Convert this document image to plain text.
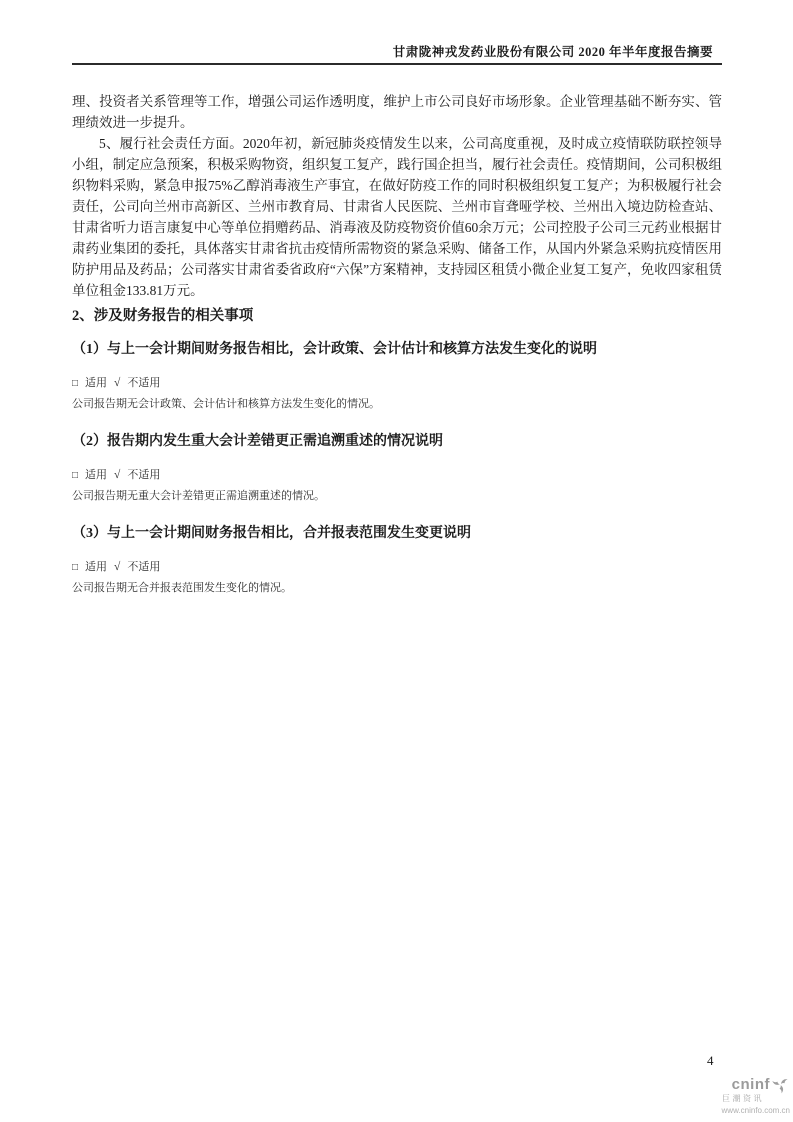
甘肃陇神戎发药业股份有限公司 2020 年半年度报告摘要

理、投资者关系管理等工作，增强公司运作透明度，维护上市公司良好市场形象。企业管理基础不断夯实、管理绩效进一步提升。

5、履行社会责任方面。2020年初，新冠肺炎疫情发生以来，公司高度重视，及时成立疫情联防联控领导小组，制定应急预案，积极采购物资，组织复工复产，践行国企担当，履行社会责任。疫情期间，公司积极组织物料采购，紧急申报75%乙醇消毒液生产事宜，在做好防疫工作的同时积极组织复工复产；为积极履行社会责任，公司向兰州市高新区、兰州市教育局、甘肃省人民医院、兰州市盲聋哑学校、兰州出入境边防检查站、甘肃省听力语言康复中心等单位捐赠药品、消毒液及防疫物资价值60余万元；公司控股子公司三元药业根据甘肃药业集团的委托，具体落实甘肃省抗击疫情所需物资的紧急采购、储备工作，从国内外紧急采购抗疫情医用防护用品及药品；公司落实甘肃省委省政府“六保”方案精神，支持园区租赁小微企业复工复产，免收四家租赁单位租金133.81万元。

2、涉及财务报告的相关事项
（1）与上一会计期间财务报告相比，会计政策、会计估计和核算方法发生变化的说明

□ 适用 √ 不适用

公司报告期无会计政策、会计估计和核算方法发生变化的情况。

（2）报告期内发生重大会计差错更正需追溯重述的情况说明

□ 适用 √ 不适用

公司报告期无重大会计差错更正需追溯重述的情况。

（3）与上一会计期间财务报告相比，合并报表范围发生变更说明

□ 适用 √ 不适用

公司报告期无合并报表范围发生变化的情况。

4
cninf
巨潮资讯
www.cninfo.com.cn
